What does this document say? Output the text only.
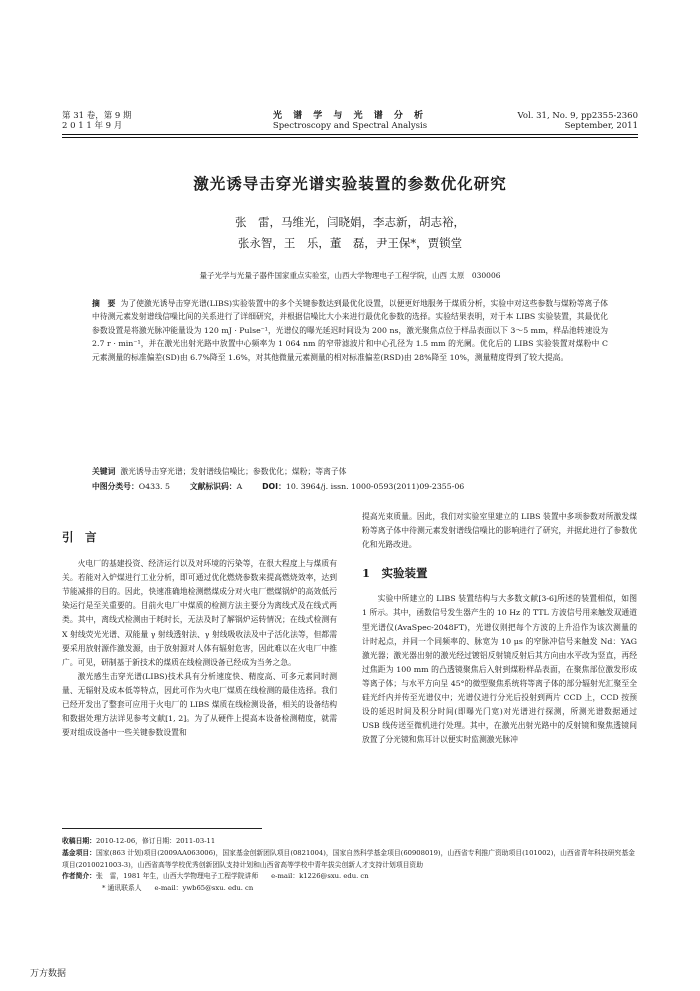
第 31 卷，第 9 期
2 0 1 1 年 9 月
光 谱 学 与 光 谱 分 析
Spectroscopy and Spectral Analysis
Vol. 31, No. 9, pp2355-2360
September, 2011
激光诱导击穿光谱实验装置的参数优化研究
张　雷，马维光，闫晓娟，李志新，胡志裕，
张永智，王　乐，董　磊，尹王保*，贾锁堂
量子光学与光量子器件国家重点实验室，山西大学物理电子工程学院，山西 太原　030006
摘　要 为了使激光诱导击穿光谱(LIBS)实验装置中的多个关键参数达到最优化设置，以便更好地服务于煤质分析，实验中对这些参数与煤粉等离子体中待测元素发射谱线信噪比间的关系进行了详细研究，并根据信噪比大小来进行最优化参数的选择。实验结果表明，对于本 LIBS 实验装置，其最优化参数设置是将激光脉冲能量设为 120 mJ · Pulse⁻¹，光谱仪的曝光延迟时间设为 200 ns，激光聚焦点位于样品表面以下 3～5 mm，样品池转速设为 2.7 r · min⁻¹，并在激光出射光路中放置中心频率为 1 064 nm 的窄带滤波片和中心孔径为 1.5 mm 的光阑。优化后的 LIBS 实验装置对煤粉中 C 元素测量的标准偏差(SD)由 6.7%降至 1.6%，对其他微量元素测量的相对标准偏差(RSD)由 28%降至 10%，测量精度得到了较大提高。
关键词 激光诱导击穿光谱；发射谱线信噪比；参数优化；煤粉；等离子体
中图分类号：O433. 5	文献标识码：A	DOI：10. 3964/j. issn. 1000-0593(2011)09-2355-06
引　言

火电厂的基建投资、经济运行以及对环境的污染等，在很大程度上与煤质有关。若能对入炉煤进行工业分析，即可通过优化燃烧参数来提高燃烧效率，达到节能减排的目的。因此，快速准确地检测燃煤成分对火电厂燃煤锅炉的高效低污染运行是至关重要的。目前火电厂中煤质的检测方法主要分为离线式及在线式两类。其中，离线式检测由于耗时长，无法及时了解锅炉运转情况；在线式检测有 X 射线荧光光谱、双能量 γ 射线透射法、γ 射线吸收法及中子活化法等，但都需要采用放射源作激发源，由于放射源对人体有辐射危害，因此难以在火电厂中推广。可见，研制基于新技术的煤质在线检测设备已经成为当务之急。

激光感生击穿光谱(LIBS)技术具有分析速度快、精度高、可多元素同时测量、无辐射及成本低等特点，因此可作为火电厂煤质在线检测的最佳选择。我们已经开发出了整套可应用于火电厂的 LIBS 煤质在线检测设备，相关的设备结构和数据处理方法详见参考文献[1, 2]。为了从硬件上提高本设备检测精度，就需要对组成设备中一些关键参数设置和

提高光束质量。因此，我们对实验室里建立的 LIBS 装置中多项参数对所激发煤粉等离子体中待测元素发射谱线信噪比的影响进行了研究，并据此进行了参数优化和光路改进。

1　实验装置

实验中所建立的 LIBS 装置结构与大多数文献[3-6]所述的装置相似，如图 1 所示。其中，函数信号发生器产生的 10 Hz 的 TTL 方波信号用来触发双通道型光谱仪(AvaSpec-2048FT)，光谱仪则把每个方波的上升沿作为该次测量的计时起点，并同一个同频率的、脉宽为 10 μs 的窄脉冲信号来触发 Nd：YAG 激光器；激光器出射的激光经过镀铝反射镜反射后其方向由水平改为竖直，再经过焦距为 100 mm 的凸透镜聚焦后入射到煤粉样品表面，在聚焦部位激发形成等离子体；与水平方向呈 45°的微型聚焦系统将等离子体的部分辐射光汇聚至全硅光纤内并传至光谱仪中；光谱仪进行分光后投射到两片 CCD 上，CCD 按预设的延迟时间及积分时间(即曝光门宽)对光谱进行探测，所测光谱数据通过 USB 线传送至微机进行处理。其中，在激光出射光路中的反射镜和聚焦透镜间放置了分光镜和焦耳计以便实时监测激光脉冲

收稿日期：2010-12-06，修订日期：2011-03-11
基金项目：国家(863 计划)项目(2009AA063006)，国家基金创新团队项目(0821004)，国家自然科学基金项目(60908019)，山西省专利推广资助项目(101002)，山西省青年科技研究基金项目(2010021003-3)，山西省高等学校优秀创新团队支持计划和山西省高等学校中青年拔尖创新人才支持计划项目资助
作者简介：张　雷，1981 年生，山西大学物理电子工程学院讲师 e-mail：k1226@sxu. edu. cn
* 通讯联系人 e-mail：ywb65@sxu. edu. cn
万方数据
